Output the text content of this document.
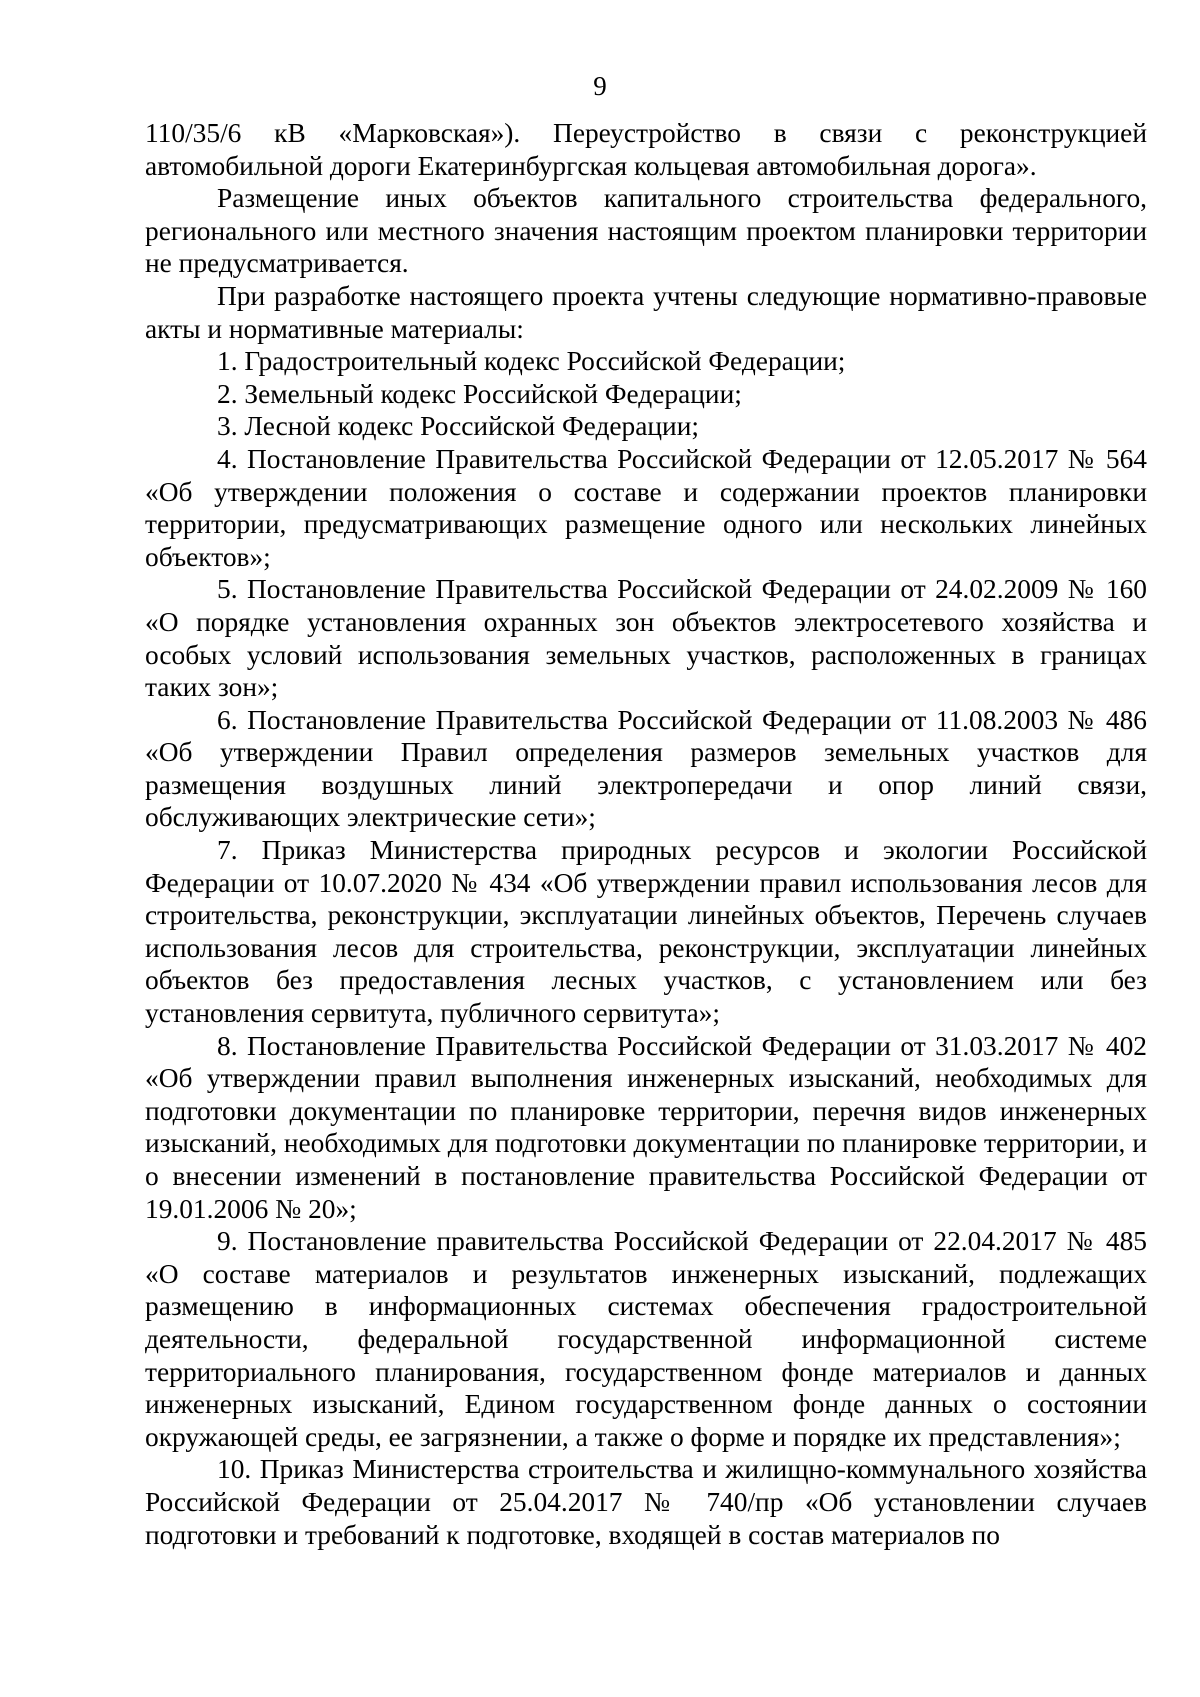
9

110/35/6 кВ «Марковская»). Переустройство в связи с реконструкцией автомобильной дороги Екатеринбургская кольцевая автомобильная дорога».

Размещение иных объектов капитального строительства федерального, регионального или местного значения настоящим проектом планировки территории не предусматривается.

При разработке настоящего проекта учтены следующие нормативно-правовые акты и нормативные материалы:

1. Градостроительный кодекс Российской Федерации;

2. Земельный кодекс Российской Федерации;

3. Лесной кодекс Российской Федерации;

4. Постановление Правительства Российской Федерации от 12.05.2017 № 564 «Об утверждении положения о составе и содержании проектов планировки территории, предусматривающих размещение одного или нескольких линейных объектов»;

5. Постановление Правительства Российской Федерации от 24.02.2009 № 160 «О порядке установления охранных зон объектов электросетевого хозяйства и особых условий использования земельных участков, расположенных в границах таких зон»;

6. Постановление Правительства Российской Федерации от 11.08.2003 № 486 «Об утверждении Правил определения размеров земельных участков для размещения воздушных линий электропередачи и опор линий связи, обслуживающих электрические сети»;

7. Приказ Министерства природных ресурсов и экологии Российской Федерации от 10.07.2020 № 434 «Об утверждении правил использования лесов для строительства, реконструкции, эксплуатации линейных объектов, Перечень случаев использования лесов для строительства, реконструкции, эксплуатации линейных объектов без предоставления лесных участков, с установлением или без установления сервитута, публичного сервитута»;

8. Постановление Правительства Российской Федерации от 31.03.2017 № 402 «Об утверждении правил выполнения инженерных изысканий, необходимых для подготовки документации по планировке территории, перечня видов инженерных изысканий, необходимых для подготовки документации по планировке территории, и о внесении изменений в постановление правительства Российской Федерации от 19.01.2006 № 20»;

9. Постановление правительства Российской Федерации от 22.04.2017 № 485 «О составе материалов и результатов инженерных изысканий, подлежащих размещению в информационных системах обеспечения градостроительной деятельности, федеральной государственной информационной системе территориального планирования, государственном фонде материалов и данных инженерных изысканий, Едином государственном фонде данных о состоянии окружающей среды, ее загрязнении, а также о форме и порядке их представления»;

10. Приказ Министерства строительства и жилищно-коммунального хозяйства Российской Федерации от 25.04.2017 № 740/пр «Об установлении случаев подготовки и требований к подготовке, входящей в состав материалов по
